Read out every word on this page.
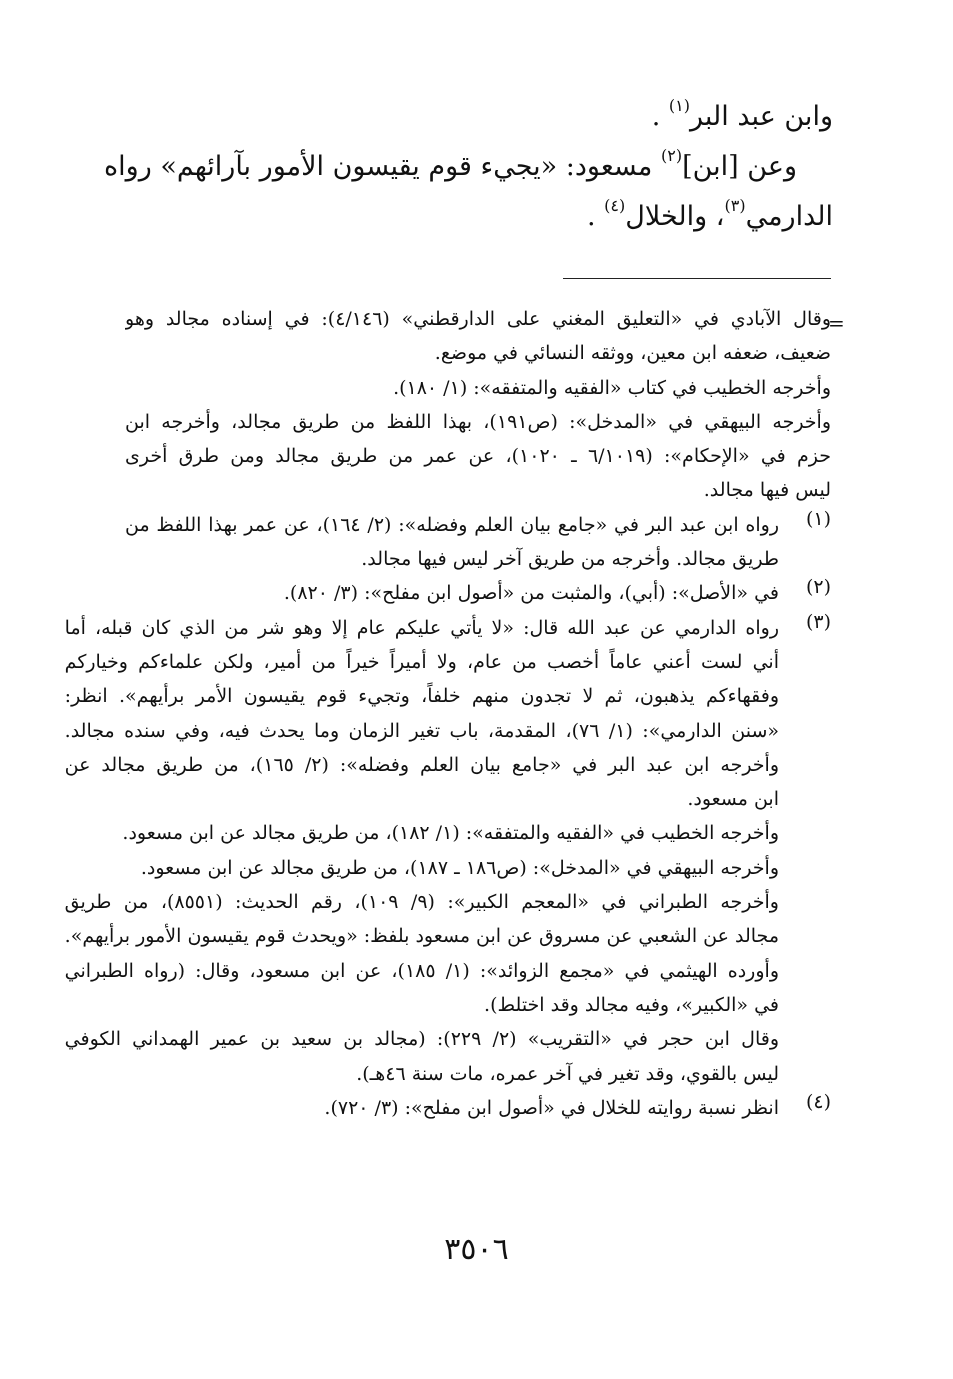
وابن عبد البر$^{(١)}$ .
وعن [ابن]$^{(٢)}$ مسعود: «يجيء قوم يقيسون الأمور بآرائهم» رواه
الدارمي$^{(٣)}$، والخلال$^{(٤)}$ .
=
وقال الآبادي في «التعليق المغني على الدارقطني» (٤/١٤٦): في إسناده مجالد وهو
ضعيف، ضعفه ابن معين، ووثقه النسائي في موضع.
وأخرجه الخطيب في كتاب «الفقيه والمتفقه»: (١/ ١٨٠).
وأخرجه البيهقي في «المدخل»: (ص١٩١)، بهذا اللفظ من طريق مجالد، وأخرجه ابن
حزم في «الإحكام»: (٦/١٠١٩ ـ ١٠٢٠)، عن عمر من طريق مجالد ومن طرق أخرى
ليس فيها مجالد.
(١)
رواه ابن عبد البر في «جامع بيان العلم وفضله»: (٢/ ١٦٤)، عن عمر بهذا اللفظ من
طريق مجالد. وأخرجه من طريق آخر ليس فيها مجالد.
(٢)
في «الأصل»: (أبي)، والمثبت من «أصول ابن مفلح»: (٣/ ٨٢٠).
(٣)
رواه الدارمي عن عبد الله قال: «لا يأتي عليكم عام إلا وهو شر من الذي كان قبله، أما
أني لست أعني عاماً أخصب من عام، ولا أميراً خيراً من أمير، ولكن علماءكم وخياركم
وفقهاءكم يذهبون، ثم لا تجدون منهم خلفاً، وتجيء قوم يقيسون الأمر برأيهم». انظر:
«سنن الدارمي»: (١/ ٧٦)، المقدمة، باب تغير الزمان وما يحدث فيه، وفي سنده مجالد.
وأخرجه ابن عبد البر في «جامع بيان العلم وفضله»: (٢/ ١٦٥)، من طريق مجالد عن
ابن مسعود.
وأخرجه الخطيب في «الفقيه والمتفقه»: (١/ ١٨٢)، من طريق مجالد عن ابن مسعود.
وأخرجه البيهقي في «المدخل»: (ص١٨٦ ـ ١٨٧)، من طريق مجالد عن ابن مسعود.
وأخرجه الطبراني في «المعجم الكبير»: (٩/ ١٠٩)، رقم الحديث: (٨٥٥١)، من طريق
مجالد عن الشعبي عن مسروق عن ابن مسعود بلفظ: «ويحدث قوم يقيسون الأمور برأيهم».
وأورده الهيثمي في «مجمع الزوائد»: (١/ ١٨٥)، عن ابن مسعود، وقال: (رواه الطبراني
في «الكبير»، وفيه مجالد وقد اختلط).
وقال ابن حجر في «التقريب» (٢/ ٢٢٩): (مجالد بن سعيد بن عمير الهمداني الكوفي
ليس بالقوي، وقد تغير في آخر عمره، مات سنة ٤٦هـ).
(٤)
انظر نسبة روايته للخلال في «أصول ابن مفلح»: (٣/ ٧٢٠).
٣٥٠٦
